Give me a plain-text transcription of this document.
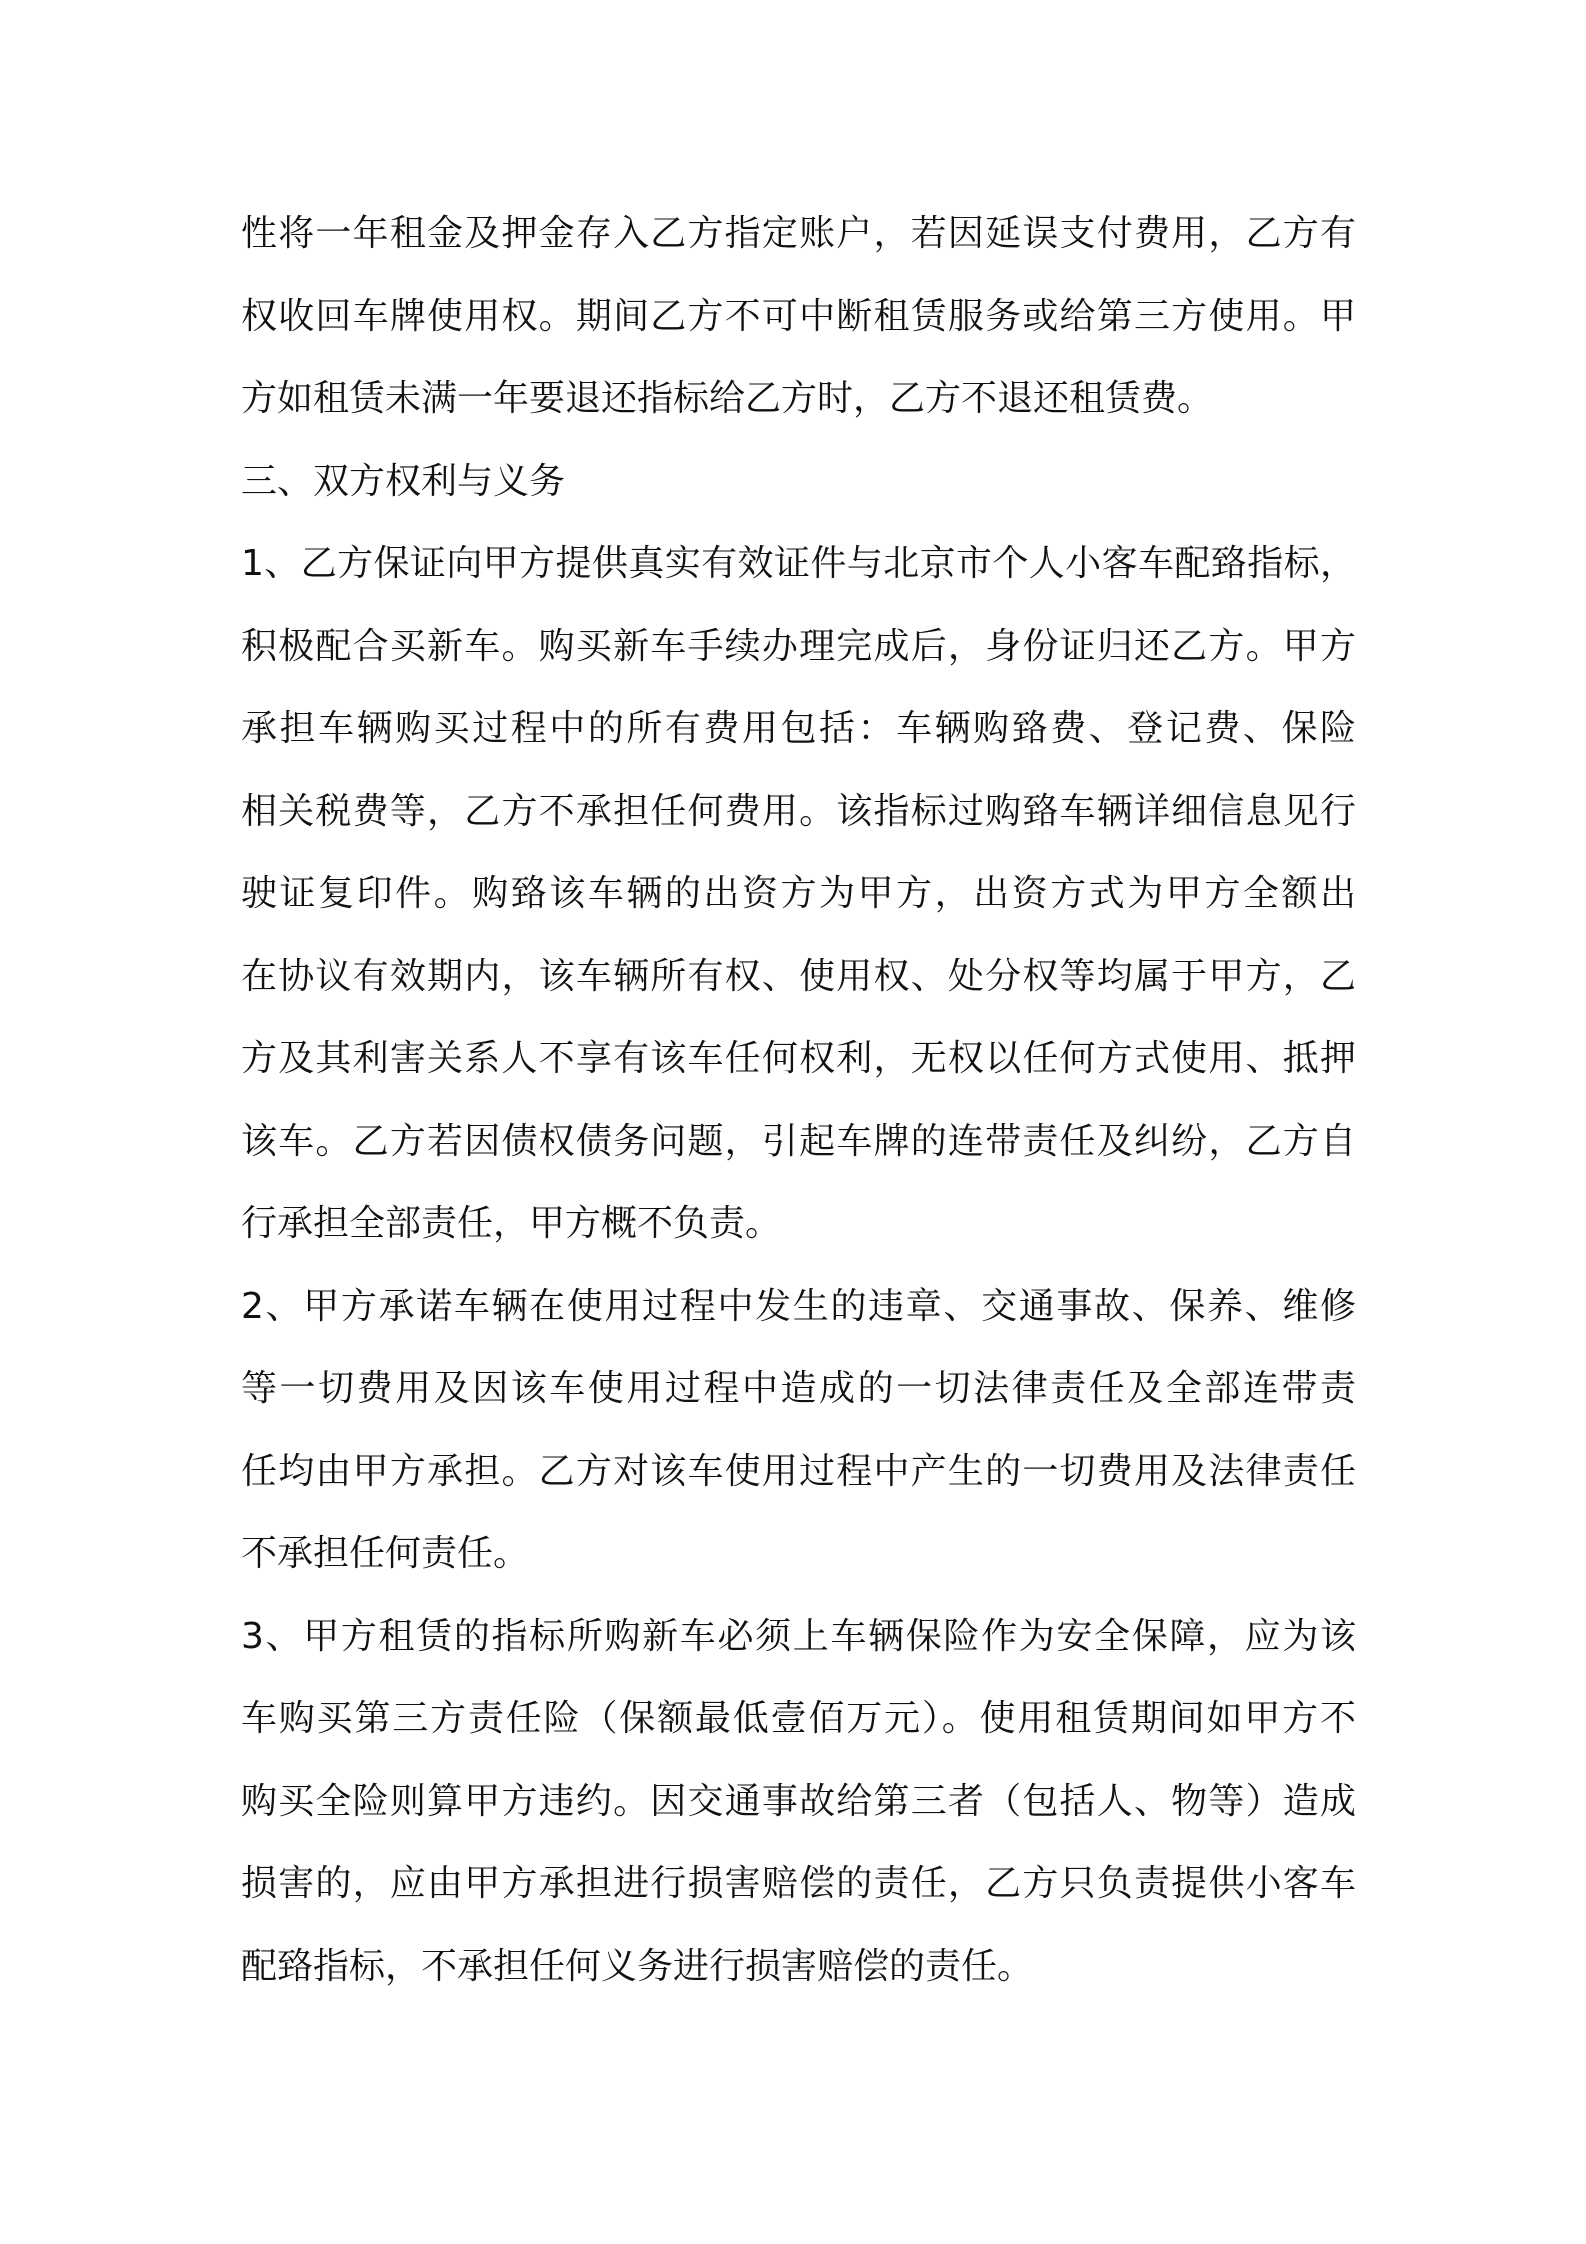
性将一年租金及押金存入乙方指定账户，若因延误支付费用，乙方有
权收回车牌使用权。期间乙方不可中断租赁服务或给第三方使用。甲
方如租赁未满一年要退还指标给乙方时，乙方不退还租赁费。
三、双方权利与义务
1、乙方保证向甲方提供真实有效证件与北京市个人小客车配臵指标，
积极配合买新车。购买新车手续办理完成后，身份证归还乙方。甲方
承担车辆购买过程中的所有费用包括：车辆购臵费、登记费、保险
相关税费等，乙方不承担任何费用。该指标过购臵车辆详细信息见行
驶证复印件。购臵该车辆的出资方为甲方，出资方式为甲方全额出
在协议有效期内，该车辆所有权、使用权、处分权等均属于甲方，乙
方及其利害关系人不享有该车任何权利，无权以任何方式使用、抵押
该车。乙方若因债权债务问题，引起车牌的连带责任及纠纷，乙方自
行承担全部责任，甲方概不负责。
2、甲方承诺车辆在使用过程中发生的违章、交通事故、保养、维修
等一切费用及因该车使用过程中造成的一切法律责任及全部连带责
任均由甲方承担。乙方对该车使用过程中产生的一切费用及法律责任
不承担任何责任。
3、甲方租赁的指标所购新车必须上车辆保险作为安全保障，应为该
车购买第三方责任险（保额最低壹佰万元）。使用租赁期间如甲方不
购买全险则算甲方违约。因交通事故给第三者（包括人、物等）造成
损害的，应由甲方承担进行损害赔偿的责任，乙方只负责提供小客车
配臵指标，不承担任何义务进行损害赔偿的责任。
